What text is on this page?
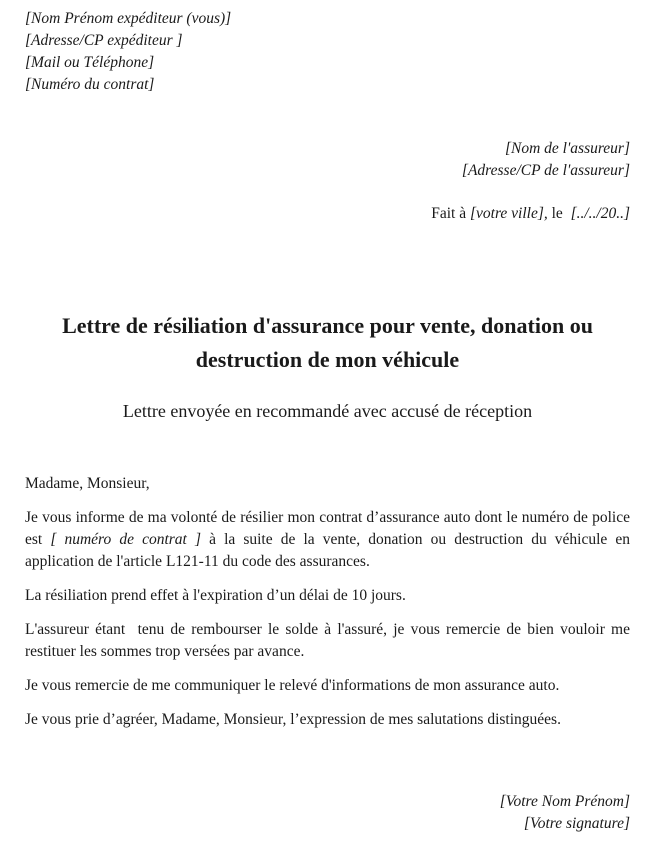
[Nom Prénom expéditeur (vous)]
[Adresse/CP expéditeur ]
[Mail ou Téléphone]
[Numéro du contrat]
[Nom de l'assureur]
[Adresse/CP de l'assureur]
Fait à [votre ville], le  [../../20..]
Lettre de résiliation d'assurance pour vente, donation ou destruction de mon véhicule
Lettre envoyée en recommandé avec accusé de réception

Madame, Monsieur,

Je vous informe de ma volonté de résilier mon contrat d’assurance auto dont le numéro de police est [ numéro de contrat ] à la suite de la vente, donation ou destruction du véhicule en application de l'article L121-11 du code des assurances.

La résiliation prend effet à l'expiration d’un délai de 10 jours.

L'assureur étant  tenu de rembourser le solde à l'assuré, je vous remercie de bien vouloir me restituer les sommes trop versées par avance.

Je vous remercie de me communiquer le relevé d'informations de mon assurance auto.

Je vous prie d’agréer, Madame, Monsieur, l’expression de mes salutations distinguées.

[Votre Nom Prénom]
[Votre signature]
